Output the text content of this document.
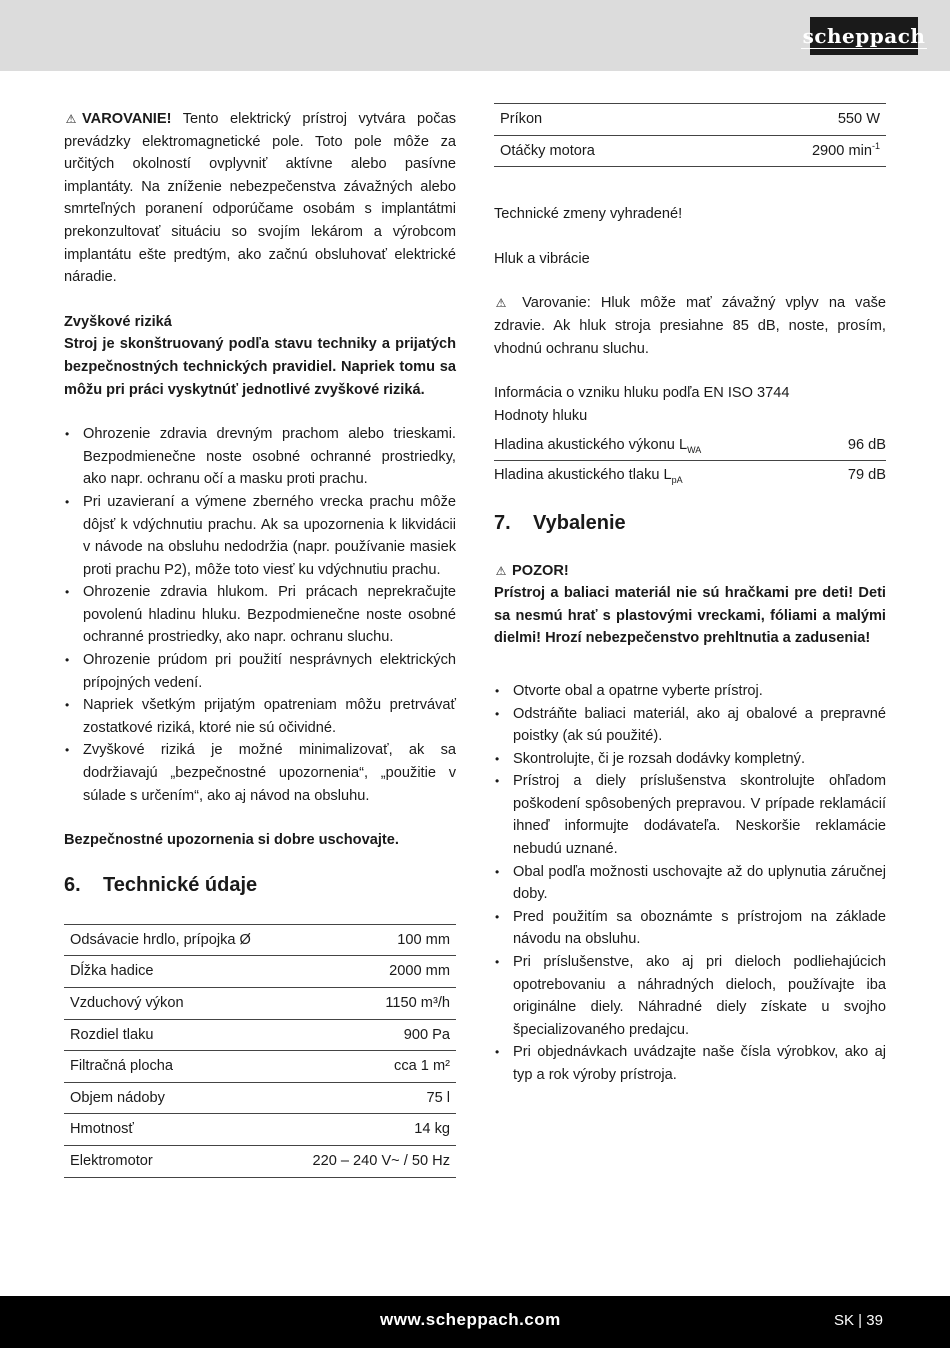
scheppach

⚠ VAROVANIE! Tento elektrický prístroj vytvára počas prevádzky elektromagnetické pole. Toto pole môže za určitých okolností ovplyvniť aktívne alebo pasívne implantáty. Na zníženie nebezpečenstva závažných alebo smrteľných poranení odporúčame osobám s implantátmi prekonzultovať situáciu so svojím lekárom a výrobcom implantátu ešte predtým, ako začnú obsluhovať elektrické náradie.

Zvyškové riziká

Stroj je skonštruovaný podľa stavu techniky a prijatých bezpečnostných technických pravidiel. Napriek tomu sa môžu pri práci vyskytnúť jednotlivé zvyškové riziká.

• Ohrozenie zdravia drevným prachom alebo trieskami. Bezpodmienečne noste osobné ochranné prostriedky, ako napr. ochranu očí a masku proti prachu.
• Pri uzavieraní a výmene zberného vrecka prachu môže dôjsť k vdýchnutiu prachu. Ak sa upozornenia k likvidácii v návode na obsluhu nedodržia (napr. používanie masiek proti prachu P2), môže toto viesť ku vdýchnutiu prachu.
• Ohrozenie zdravia hlukom. Pri prácach neprekračujte povolenú hladinu hluku. Bezpodmienečne noste osobné ochranné prostriedky, ako napr. ochranu sluchu.
• Ohrozenie prúdom pri použití nesprávnych elektrických prípojných vedení.
• Napriek všetkým prijatým opatreniam môžu pretrvávať zostatkové riziká, ktoré nie sú očividné.
• Zvyškové riziká je možné minimalizovať, ak sa dodržiavajú „bezpečnostné upozornenia“, „použitie v súlade s určením“, ako aj návod na obsluhu.

Bezpečnostné upozornenia si dobre uschovajte.

6.	Technické údaje
Odsávacie hrdlo, prípojka Ø	100 mm
Dĺžka hadice	2000 mm
Vzduchový výkon	1150 m³/h
Rozdiel tlaku	900 Pa
Filtračná plocha	cca 1 m²
Objem nádoby	75 l
Hmotnosť	14 kg
Elektromotor	220 – 240 V~ / 50 Hz
Príkon	550 W
Otáčky motora	2900 $\min^{-1}$

Technické zmeny vyhradené!

Hluk a vibrácie

⚠ Varovanie: Hluk môže mať závažný vplyv na vaše zdravie. Ak hluk stroja presiahne 85 dB, noste, prosím, vhodnú ochranu sluchu.

Informácia o vzniku hluku podľa EN ISO 3744

Hodnoty hluku

Hladina akustického výkonu $L_{WA}$	96 dB
Hladina akustického tlaku $L_{pA}$	79 dB
7.	Vybalenie

⚠ POZOR!

Prístroj a baliaci materiál nie sú hračkami pre deti! Deti sa nesmú hrať s plastovými vreckami, fóliami a malými dielmi! Hrozí nebezpečenstvo prehltnutia a zadusenia!

• Otvorte obal a opatrne vyberte prístroj.
• Odstráňte baliaci materiál, ako aj obalové a prepravné poistky (ak sú použité).
• Skontrolujte, či je rozsah dodávky kompletný.
• Prístroj a diely príslušenstva skontrolujte ohľadom poškodení spôsobených prepravou. V prípade reklamácií ihneď informujte dodávateľa. Neskoršie reklamácie nebudú uznané.
• Obal podľa možnosti uschovajte až do uplynutia záručnej doby.
• Pred použitím sa oboznámte s prístrojom na základe návodu na obsluhu.
• Pri príslušenstve, ako aj pri dieloch podliehajúcich opotrebovaniu a náhradných dieloch, používajte iba originálne diely. Náhradné diely získate u svojho špecializovaného predajcu.
• Pri objednávkach uvádzajte naše čísla výrobkov, ako aj typ a rok výroby prístroja.
www.scheppach.com	SK | 39
